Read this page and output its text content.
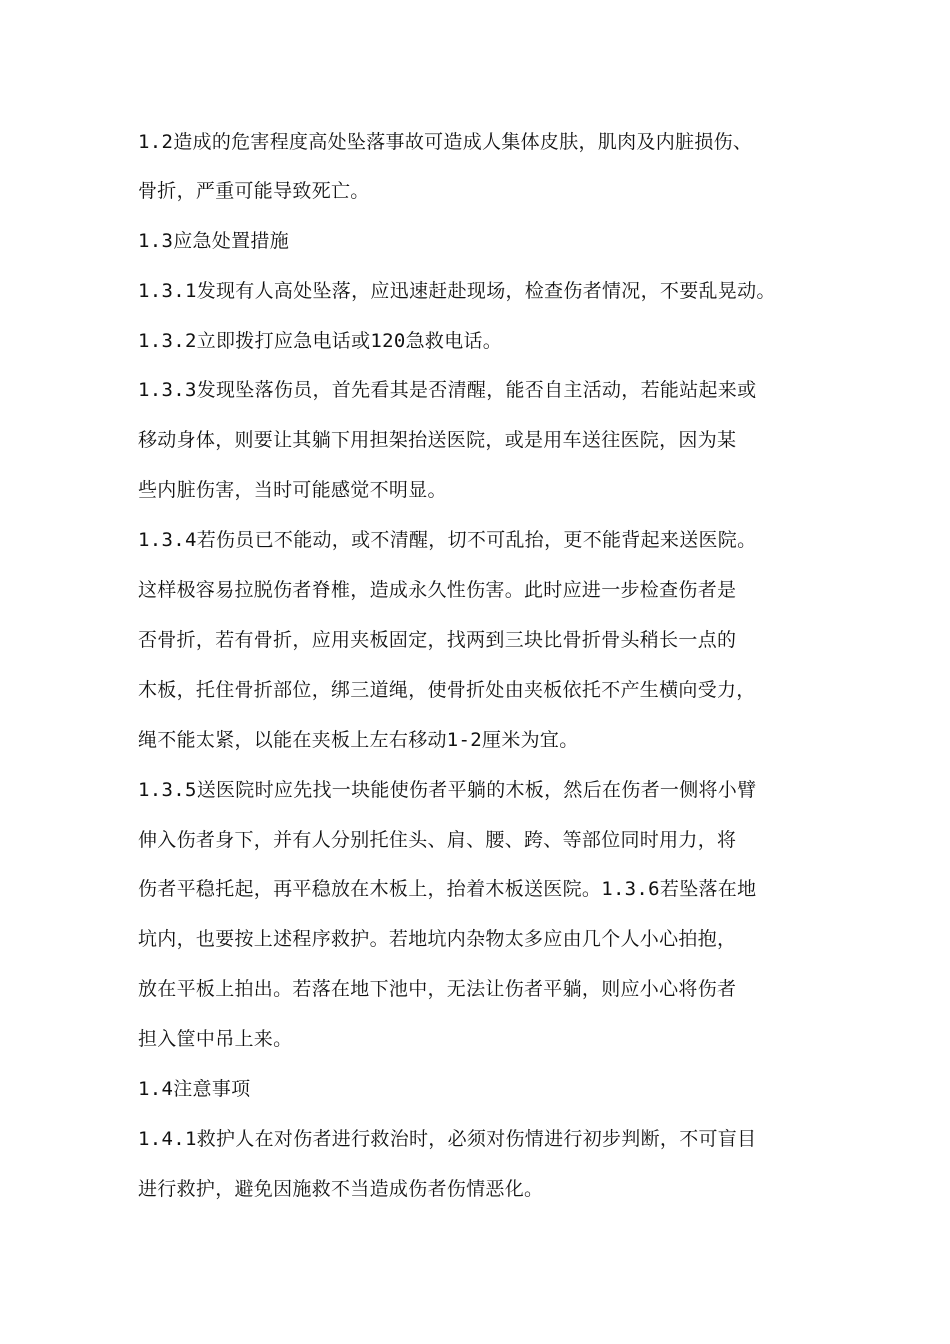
1.2造成的危害程度高处坠落事故可造成人集体皮肤，肌肉及内脏损伤、
骨折，严重可能导致死亡。
1.3应急处置措施
1.3.1发现有人高处坠落，应迅速赶赴现场，检查伤者情况，不要乱晃动。
1.3.2立即拨打应急电话或120急救电话。
1.3.3发现坠落伤员，首先看其是否清醒，能否自主活动，若能站起来或
移动身体，则要让其躺下用担架抬送医院，或是用车送往医院，因为某
些内脏伤害，当时可能感觉不明显。
1.3.4若伤员已不能动，或不清醒，切不可乱抬，更不能背起来送医院。
这样极容易拉脱伤者脊椎，造成永久性伤害。此时应进一步检查伤者是
否骨折，若有骨折，应用夹板固定，找两到三块比骨折骨头稍长一点的
木板，托住骨折部位，绑三道绳，使骨折处由夹板依托不产生横向受力，
绳不能太紧，以能在夹板上左右移动1-2厘米为宜。
1.3.5送医院时应先找一块能使伤者平躺的木板，然后在伤者一侧将小臂
伸入伤者身下，并有人分别托住头、肩、腰、跨、等部位同时用力，将
伤者平稳托起，再平稳放在木板上，抬着木板送医院。1.3.6若坠落在地
坑内，也要按上述程序救护。若地坑内杂物太多应由几个人小心拍抱，
放在平板上拍出。若落在地下池中，无法让伤者平躺，则应小心将伤者
担入筐中吊上来。
1.4注意事项
1.4.1救护人在对伤者进行救治时，必须对伤情进行初步判断，不可盲目
进行救护，避免因施救不当造成伤者伤情恶化。
